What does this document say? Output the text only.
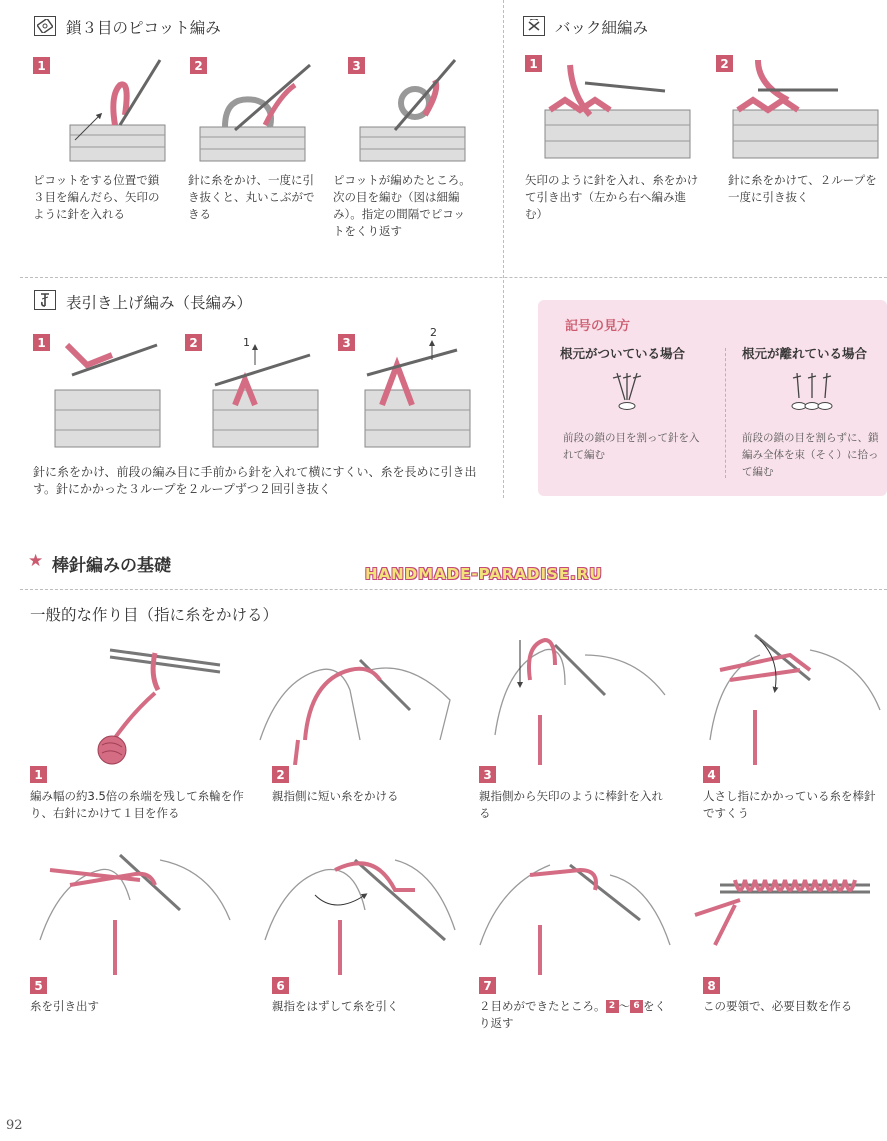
鎖３目のピコット編み
1
ピコットをする位置で鎖３目を編んだら、矢印のように針を入れる
2
針に糸をかけ、一度に引き抜くと、丸いこぶができる
3
ピコットが編めたところ。次の目を編む（図は細編み）。指定の間隔でピコットをくり返す
バック細編み
1
矢印のように針を入れ、糸をかけて引き出す（左から右へ編み進む）
2
針に糸をかけて、２ループを一度に引き抜く
表引き上げ編み（長編み）
1	2	1	3
2
針に糸をかけ、前段の編み目に手前から針を入れて横にすくい、糸を長めに引き出す。針にかかった３ループを２ループずつ２回引き抜く
記号の見方
根元がついている場合	根元が離れている場合
前段の鎖の目を割って針を入れて編む
前段の鎖の目を割らずに、鎖編み全体を束（そく）に拾って編む
★ 棒針編みの基礎	HANDMADE-PARADISE.RU
一般的な作り目（指に糸をかける）
1
編み幅の約3.5倍の糸端を残して糸輪を作り、右針にかけて１目を作る
2
親指側に短い糸をかける
3
親指側から矢印のように棒針を入れる
4
人さし指にかかっている糸を棒針ですくう
5
糸を引き出す
6
親指をはずして糸を引く
7
２目めができたところ。 2 〜 6 をくり返す
8
この要領で、必要目数を作る
92
